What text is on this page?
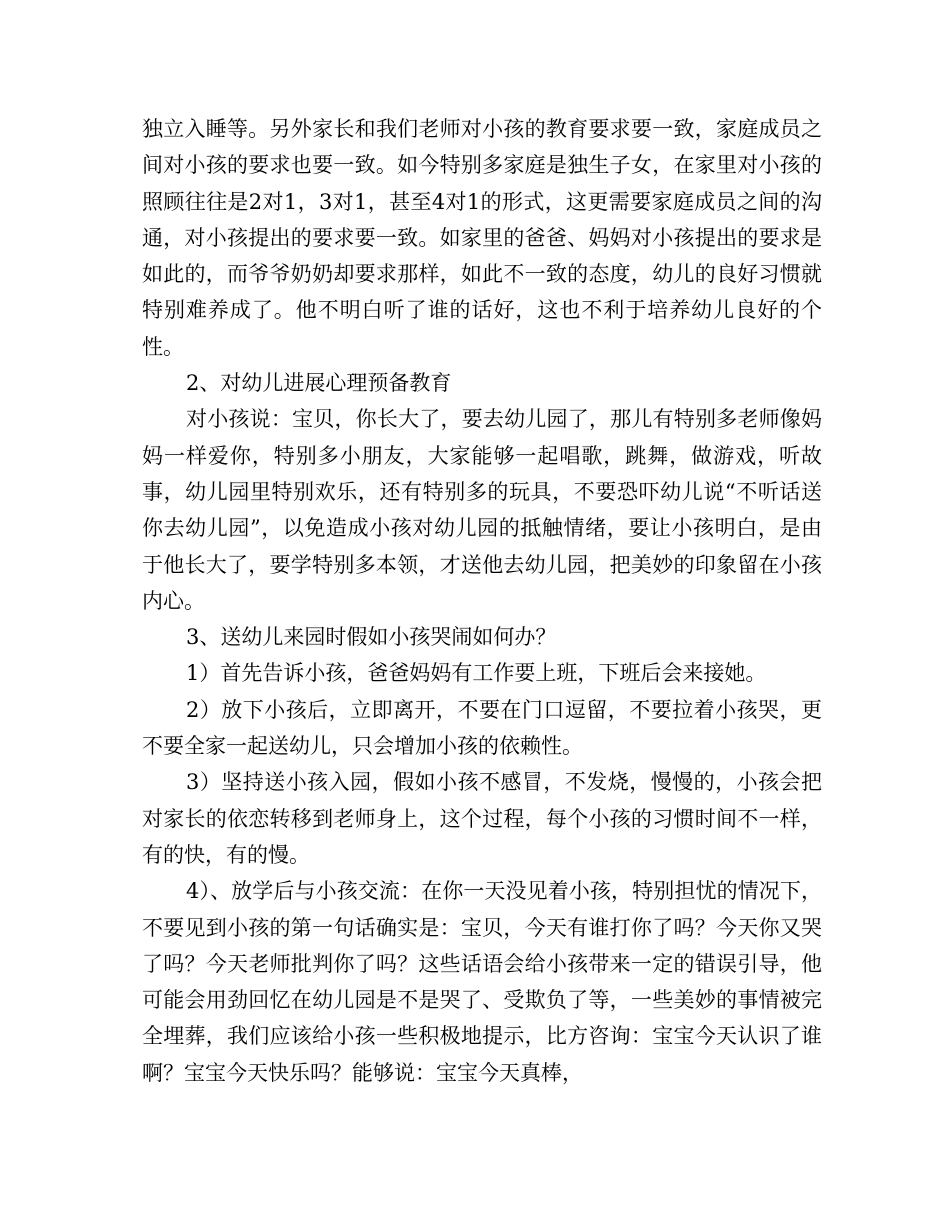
独立入睡等。另外家长和我们老师对小孩的教育要求要一致，家庭成员之间对小孩的要求也要一致。如今特别多家庭是独生子女，在家里对小孩的照顾往往是2对1，3对1，甚至4对1的形式，这更需要家庭成员之间的沟通，对小孩提出的要求要一致。如家里的爸爸、妈妈对小孩提出的要求是如此的，而爷爷奶奶却要求那样，如此不一致的态度，幼儿的良好习惯就特别难养成了。他不明白听了谁的话好，这也不利于培养幼儿良好的个性。

2、对幼儿进展心理预备教育

对小孩说：宝贝，你长大了，要去幼儿园了，那儿有特别多老师像妈妈一样爱你，特别多小朋友，大家能够一起唱歌，跳舞，做游戏，听故事，幼儿园里特别欢乐，还有特别多的玩具，不要恐吓幼儿说“不听话送你去幼儿园”，以免造成小孩对幼儿园的抵触情绪，要让小孩明白，是由于他长大了，要学特别多本领，才送他去幼儿园，把美妙的印象留在小孩内心。

3、送幼儿来园时假如小孩哭闹如何办？

1）首先告诉小孩，爸爸妈妈有工作要上班，下班后会来接她。

2）放下小孩后，立即离开，不要在门口逗留，不要拉着小孩哭，更不要全家一起送幼儿，只会增加小孩的依赖性。

3）坚持送小孩入园，假如小孩不感冒，不发烧，慢慢的，小孩会把对家长的依恋转移到老师身上，这个过程，每个小孩的习惯时间不一样，有的快，有的慢。

4）、放学后与小孩交流：在你一天没见着小孩，特别担忧的情况下，不要见到小孩的第一句话确实是：宝贝，今天有谁打你了吗？今天你又哭了吗？今天老师批判你了吗？这些话语会给小孩带来一定的错误引导，他可能会用劲回忆在幼儿园是不是哭了、受欺负了等，一些美妙的事情被完全埋葬，我们应该给小孩一些积极地提示，比方咨询：宝宝今天认识了谁啊？宝宝今天快乐吗？能够说：宝宝今天真棒，
